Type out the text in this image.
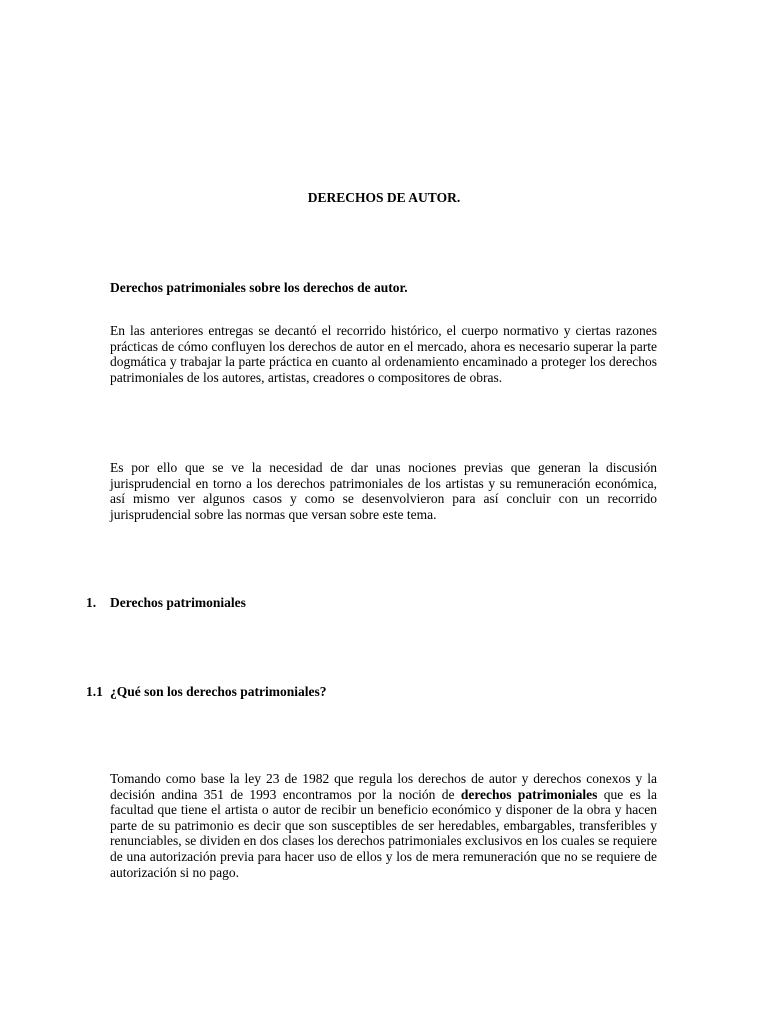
DERECHOS DE AUTOR.
Derechos patrimoniales sobre los derechos de autor.

En las anteriores entregas se decantó el recorrido histórico, el cuerpo normativo y ciertas razones prácticas de cómo confluyen los derechos de autor en el mercado, ahora es necesario superar la parte dogmática y trabajar la parte práctica en cuanto al ordenamiento encaminado a proteger los derechos patrimoniales de los autores, artistas, creadores o compositores de obras.

Es por ello que se ve la necesidad de dar unas nociones previas que generan la discusión jurisprudencial en torno a los derechos patrimoniales de los artistas y su remuneración económica, así mismo ver algunos casos y como se desenvolvieron para así concluir con un recorrido jurisprudencial sobre las normas que versan sobre este tema.

1. Derechos patrimoniales
1.1 ¿Qué son los derechos patrimoniales?

Tomando como base la ley 23 de 1982 que regula los derechos de autor y derechos conexos y la decisión andina 351 de 1993 encontramos por la noción de derechos patrimoniales que es la facultad que tiene el artista o autor de recibir un beneficio económico y disponer de la obra y hacen parte de su patrimonio es decir que son susceptibles de ser heredables, embargables, transferibles y renunciables, se dividen en dos clases los derechos patrimoniales exclusivos en los cuales se requiere de una autorización previa para hacer uso de ellos y los de mera remuneración que no se requiere de autorización si no pago.
